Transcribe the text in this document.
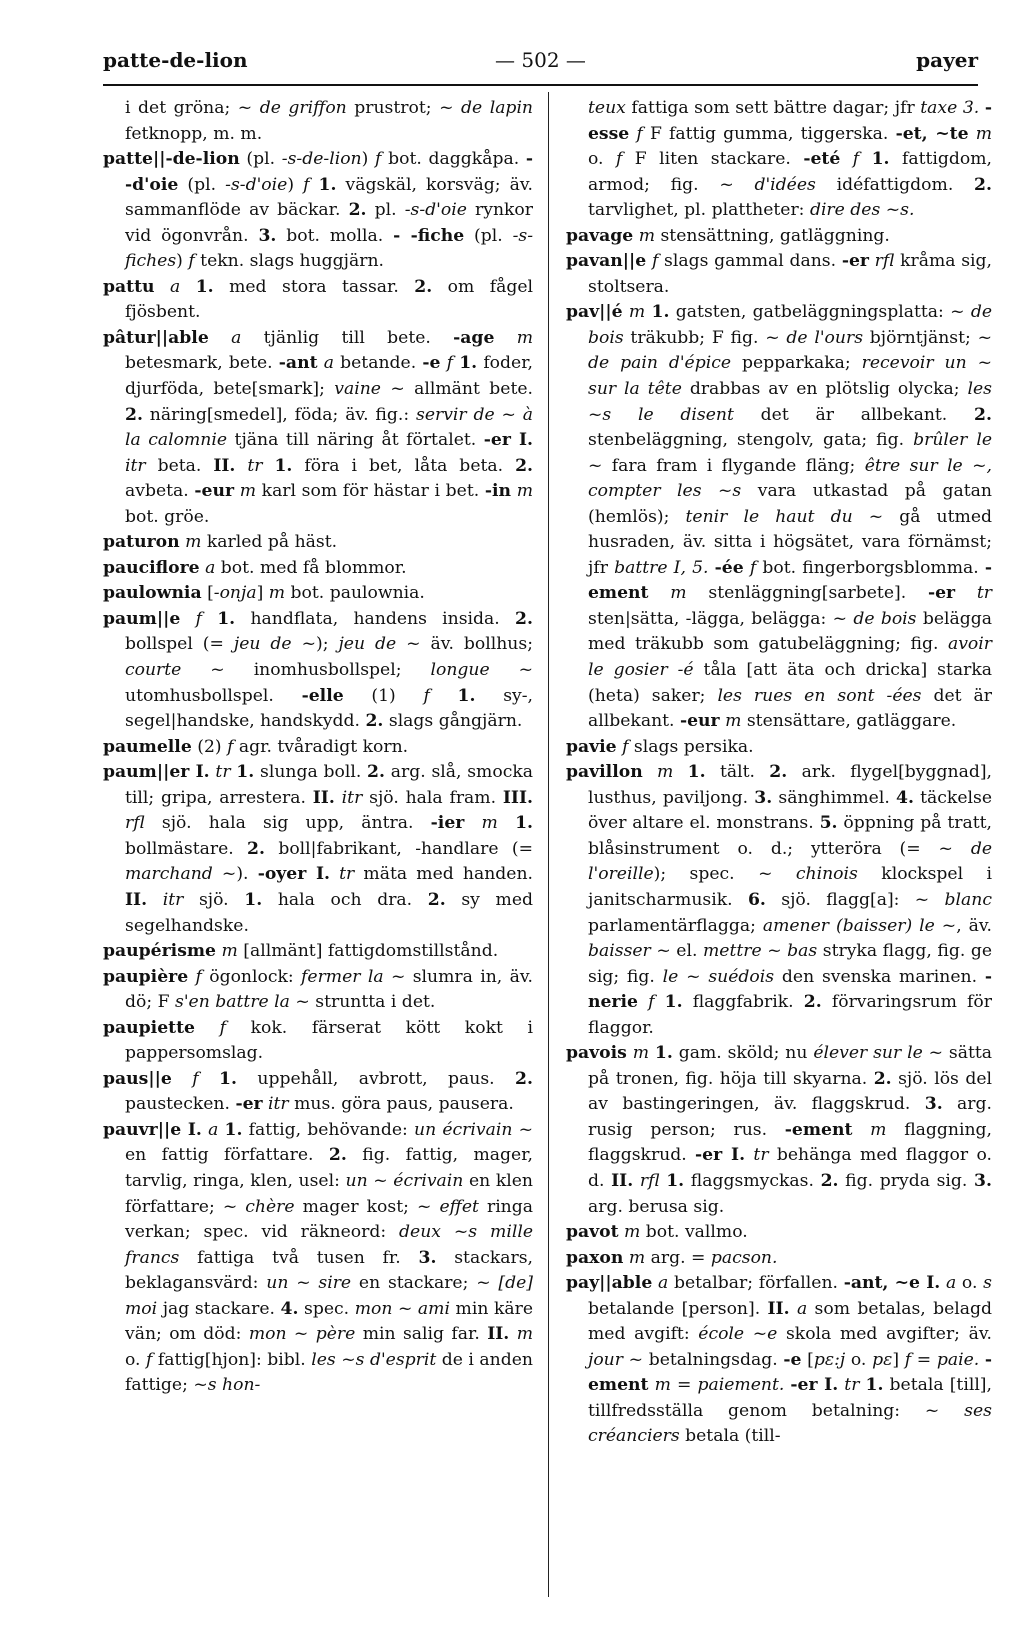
patte-de-lion	— 502 —	payer

i det gröna; ~ de griffon prustrot; ~ de lapin fetknopp, m. m.

patte||-de-lion (pl. -s-de-lion) f bot. daggkåpa. - -d'oie (pl. -s-d'oie) f 1. vägskäl, korsväg; äv. sammanflöde av bäckar. 2. pl. -s-d'oie rynkor vid ögonvrån. 3. bot. molla. - -fiche (pl. -s-fiches) f tekn. slags huggjärn.

pattu a 1. med stora tassar. 2. om fågel fjösbent.

pâtur||able a tjänlig till bete. -age m betesmark, bete. -ant a betande. -e f 1. foder, djurföda, bete[smark]; vaine ~ allmänt bete. 2. näring[smedel], föda; äv. fig.: servir de ~ à la calomnie tjäna till näring åt förtalet. -er I. itr beta. II. tr 1. föra i bet, låta beta. 2. avbeta. -eur m karl som för hästar i bet. -in m bot. gröe.

paturon m karled på häst.

pauciflore a bot. med få blommor.

paulownia [-onja] m bot. paulownia.

paum||e f 1. handflata, handens insida. 2. bollspel (= jeu de ~); jeu de ~ äv. bollhus; courte ~ inomhusbollspel; longue ~ utomhusbollspel. -elle (1) f 1. sy-, segel|handske, handskydd. 2. slags gångjärn.

paumelle (2) f agr. tvåradigt korn.

paum||er I. tr 1. slunga boll. 2. arg. slå, smocka till; gripa, arrestera. II. itr sjö. hala fram. III. rfl sjö. hala sig upp, äntra. -ier m 1. bollmästare. 2. boll|fabrikant, -handlare (= marchand ~). -oyer I. tr mäta med handen. II. itr sjö. 1. hala och dra. 2. sy med segelhandske.

paupérisme m [allmänt] fattigdomstillstånd.

paupière f ögonlock: fermer la ~ slumra in, äv. dö; F s'en battre la ~ struntta i det.

paupiette f kok. färserat kött kokt i pappersomslag.

paus||e f 1. uppehåll, avbrott, paus. 2. paustecken. -er itr mus. göra paus, pausera.

pauvr||e I. a 1. fattig, behövande: un écrivain ~ en fattig författare. 2. fig. fattig, mager, tarvlig, ringa, klen, usel: un ~ écrivain en klen författare; ~ chère mager kost; ~ effet ringa verkan; spec. vid räkneord: deux ~s mille francs fattiga två tusen fr. 3. stackars, beklagansvärd: un ~ sire en stackare; ~ [de] moi jag stackare. 4. spec. mon ~ ami min käre vän; om död: mon ~ père min salig far. II. m o. f fattig[hjon]: bibl. les ~s d'esprit de i anden fattige; ~s hon-

teux fattiga som sett bättre dagar; jfr taxe 3. -esse f F fattig gumma, tiggerska. -et, ~te m o. f F liten stackare. -eté f 1. fattigdom, armod; fig. ~ d'idées idéfattigdom. 2. tarvlighet, pl. plattheter: dire des ~s.

pavage m stensättning, gatläggning.

pavan||e f slags gammal dans. -er rfl kråma sig, stoltsera.

pav||é m 1. gatsten, gatbeläggningsplatta: ~ de bois träkubb; F fig. ~ de l'ours björntjänst; ~ de pain d'épice pepparkaka; recevoir un ~ sur la tête drabbas av en plötslig olycka; les ~s le disent det är allbekant. 2. stenbeläggning, stengolv, gata; fig. brûler le ~ fara fram i flygande fläng; être sur le ~, compter les ~s vara utkastad på gatan (hemlös); tenir le haut du ~ gå utmed husraden, äv. sitta i högsätet, vara förnämst; jfr battre I, 5. -ée f bot. fingerborgsblomma. -ement m stenläggning[sarbete]. -er tr sten|sätta, -lägga, belägga: ~ de bois belägga med träkubb som gatubeläggning; fig. avoir le gosier -é tåla [att äta och dricka] starka (heta) saker; les rues en sont -ées det är allbekant. -eur m stensättare, gatläggare.

pavie f slags persika.

pavillon m 1. tält. 2. ark. flygel[byggnad], lusthus, paviljong. 3. sänghimmel. 4. täckelse över altare el. monstrans. 5. öppning på tratt, blåsinstrument o. d.; ytteröra (= ~ de l'oreille); spec. ~ chinois klockspel i janitscharmusik. 6. sjö. flagg[a]: ~ blanc parlamentärflagga; amener (baisser) le ~, äv. baisser ~ el. mettre ~ bas stryka flagg, fig. ge sig; fig. le ~ suédois den svenska marinen. -nerie f 1. flaggfabrik. 2. förvaringsrum för flaggor.

pavois m 1. gam. sköld; nu élever sur le ~ sätta på tronen, fig. höja till skyarna. 2. sjö. lös del av bastingeringen, äv. flaggskrud. 3. arg. rusig person; rus. -ement m flaggning, flaggskrud. -er I. tr behänga med flaggor o. d. II. rfl 1. flaggsmyckas. 2. fig. pryda sig. 3. arg. berusa sig.

pavot m bot. vallmo.

paxon m arg. = pacson.

pay||able a betalbar; förfallen. -ant, ~e I. a o. s betalande [person]. II. a som betalas, belagd med avgift: école ~e skola med avgifter; äv. jour ~ betalningsdag. -e [pɛ:j o. pɛ] f = paie. -ement m = paiement. -er I. tr 1. betala [till], tillfredsställa genom betalning: ~ ses créanciers betala (till-
